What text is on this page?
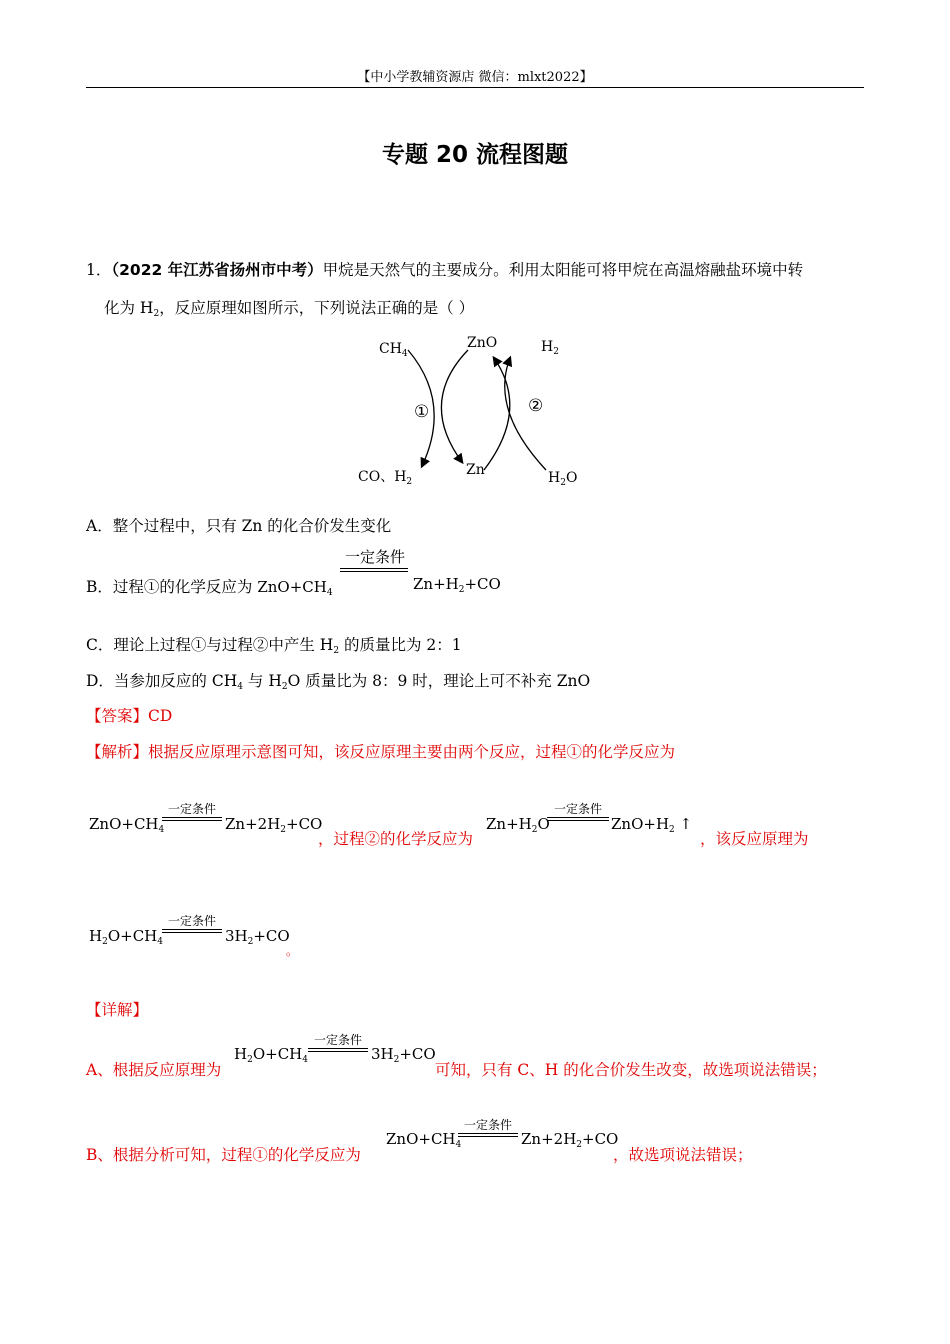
【中小学教辅资源店 微信：mlxt2022】
专题 20 流程图题
1．（2022 年江苏省扬州市中考）甲烷是天然气的主要成分。利用太阳能可将甲烷在高温熔融盐环境中转
化为 $H_2$，反应原理如图所示，下列说法正确的是（ ）
$CH_4$
ZnO	$H_2$
①	②
CO、$H_2$
Zn	$H_2O$
A．整个过程中，只有 Zn 的化合价发生变化
B．过程①的化学反应为 $ZnO+CH_4$
一定条件
$Zn+H_2+CO$
C．理论上过程①与过程②中产生 $H_2$ 的质量比为 2：1
D．当参加反应的 $CH_4$ 与 $H_2O$ 质量比为 8：9 时，理论上可不补充 ZnO
【答案】CD
【解析】根据反应原理示意图可知，该反应原理主要由两个反应，过程①的化学反应为
$ZnO+CH_4$
一定条件
$Zn+2H_2+CO$
，过程②的化学反应为
$Zn+H_2O$
一定条件
$ZnO+H_2$ ↑
，该反应原理为
$H_2O+CH_4$
一定条件
$3H_2+CO$
。
【详解】
A、根据反应原理为
$H_2O+CH_4$
一定条件
$3H_2+CO$
可知，只有 C、H 的化合价发生改变，故选项说法错误；
B、根据分析可知，过程①的化学反应为
$ZnO+CH_4$
一定条件
$Zn+2H_2+CO$
，故选项说法错误；
